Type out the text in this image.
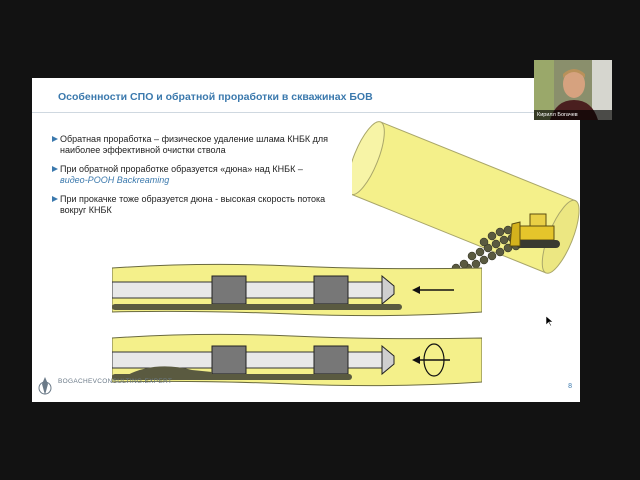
Особенности СПО и обратной проработки в скважинах БОВ
Обратная проработка – физическое удаление шлама КНБК для наиболее эффективной очистки ствола
При обратной проработке образуется «дюна» над КНБК – видео-POOH Backreaming
При прокачке тоже образуется дюна - высокая скорость потока вокруг КНБК
BOGACHEVCONSULTING.EXPERT
8
Кирилл Богачев
